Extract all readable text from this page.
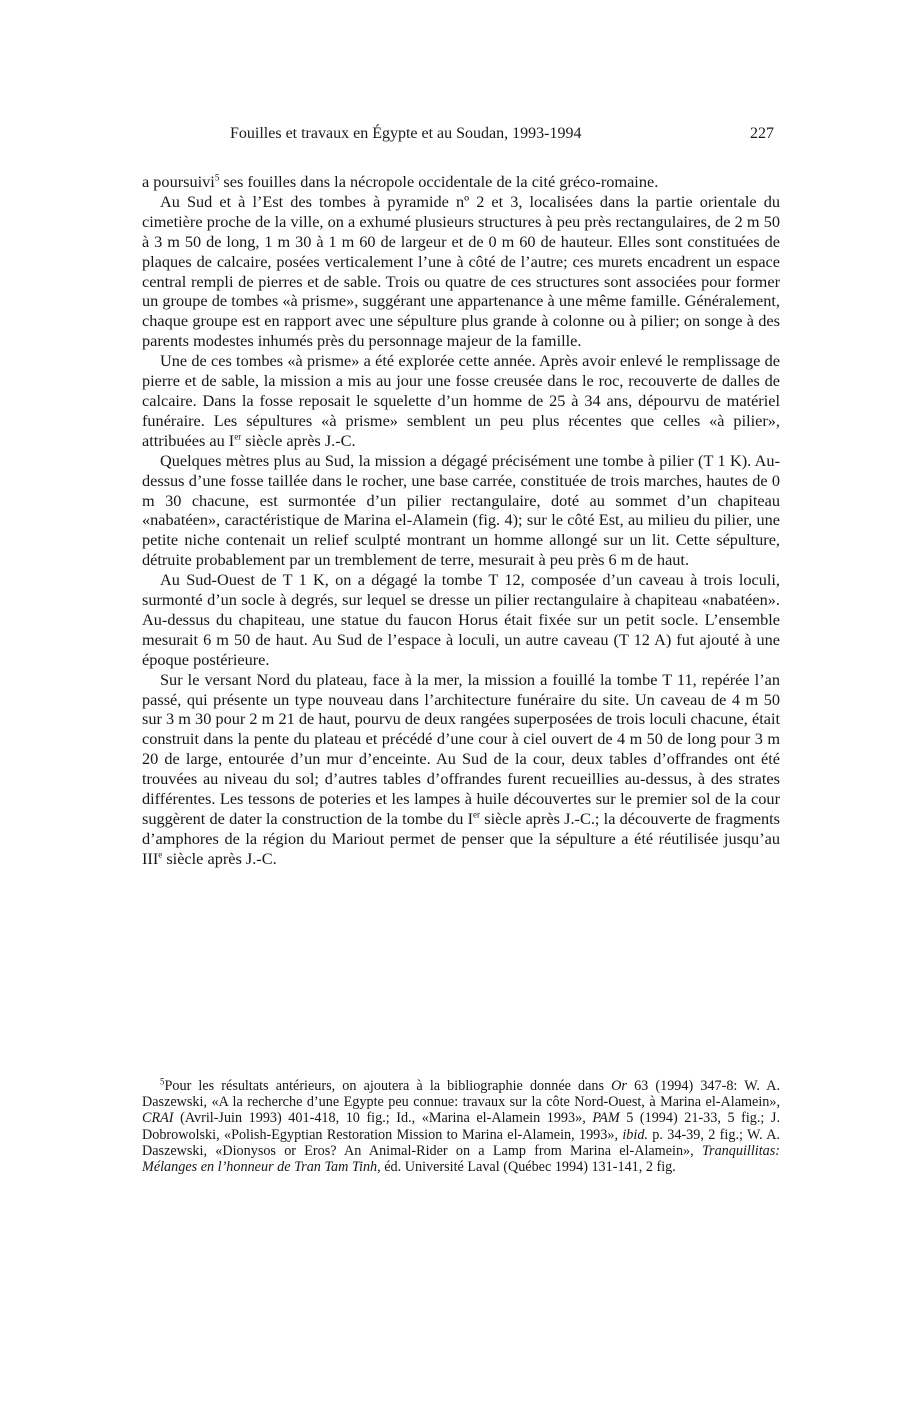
Fouilles et travaux en Égypte et au Soudan, 1993-1994	227

a poursuivi$^5$ ses fouilles dans la nécropole occidentale de la cité gréco-romaine.

Au Sud et à l’Est des tombes à pyramide nº 2 et 3, localisées dans la partie orientale du cimetière proche de la ville, on a exhumé plusieurs structures à peu près rectangulaires, de 2 m 50 à 3 m 50 de long, 1 m 30 à 1 m 60 de largeur et de 0 m 60 de hauteur. Elles sont constituées de plaques de calcaire, posées verticalement l’une à côté de l’autre; ces murets encadrent un espace central rempli de pierres et de sable. Trois ou quatre de ces structures sont associées pour former un groupe de tombes «à prisme», suggérant une appartenance à une même famille. Généralement, chaque groupe est en rapport avec une sépulture plus grande à colonne ou à pilier; on songe à des parents modestes inhumés près du personnage majeur de la famille.

Une de ces tombes «à prisme» a été explorée cette année. Après avoir enlevé le remplissage de pierre et de sable, la mission a mis au jour une fosse creusée dans le roc, recouverte de dalles de calcaire. Dans la fosse reposait le squelette d’un homme de 25 à 34 ans, dépourvu de matériel funéraire. Les sépultures «à prisme» semblent un peu plus récentes que celles «à pilier», attribuées au Ier siècle après J.-C.

Quelques mètres plus au Sud, la mission a dégagé précisément une tombe à pilier (T 1 K). Au-dessus d’une fosse taillée dans le rocher, une base carrée, constituée de trois marches, hautes de 0 m 30 chacune, est surmontée d’un pilier rectangulaire, doté au sommet d’un chapiteau «nabatéen», caractéristique de Marina el-Alamein (fig. 4); sur le côté Est, au milieu du pilier, une petite niche contenait un relief sculpté montrant un homme allongé sur un lit. Cette sépulture, détruite probablement par un tremblement de terre, mesurait à peu près 6 m de haut.

Au Sud-Ouest de T 1 K, on a dégagé la tombe T 12, composée d’un caveau à trois loculi, surmonté d’un socle à degrés, sur lequel se dresse un pilier rectangulaire à chapiteau «nabatéen». Au-dessus du chapiteau, une statue du faucon Horus était fixée sur un petit socle. L’ensemble mesurait 6 m 50 de haut. Au Sud de l’espace à loculi, un autre caveau (T 12 A) fut ajouté à une époque postérieure.

Sur le versant Nord du plateau, face à la mer, la mission a fouillé la tombe T 11, repérée l’an passé, qui présente un type nouveau dans l’architecture funéraire du site. Un caveau de 4 m 50 sur 3 m 30 pour 2 m 21 de haut, pourvu de deux rangées superposées de trois loculi chacune, était construit dans la pente du plateau et précédé d’une cour à ciel ouvert de 4 m 50 de long pour 3 m 20 de large, entourée d’un mur d’enceinte. Au Sud de la cour, deux tables d’offrandes ont été trouvées au niveau du sol; d’autres tables d’offrandes furent recueillies au-dessus, à des strates différentes. Les tessons de poteries et les lampes à huile découvertes sur le premier sol de la cour suggèrent de dater la construction de la tombe du Ier siècle après J.-C.; la découverte de fragments d’amphores de la région du Mariout permet de penser que la sépulture a été réutilisée jusqu’au IIIe siècle après J.-C.

$^5$Pour les résultats antérieurs, on ajoutera à la bibliographie donnée dans Or 63 (1994) 347-8: W. A. Daszewski, «A la recherche d’une Egypte peu connue: travaux sur la côte Nord-Ouest, à Marina el-Alamein», CRAI (Avril-Juin 1993) 401-418, 10 fig.; Id., «Marina el-Alamein 1993», PAM 5 (1994) 21-33, 5 fig.; J. Dobrowolski, «Polish-Egyptian Restoration Mission to Marina el-Alamein, 1993», ibid. p. 34-39, 2 fig.; W. A. Daszewski, «Dionysos or Eros? An Animal-Rider on a Lamp from Marina el-Alamein», Tranquillitas: Mélanges en l’honneur de Tran Tam Tinh, éd. Université Laval (Québec 1994) 131-141, 2 fig.
